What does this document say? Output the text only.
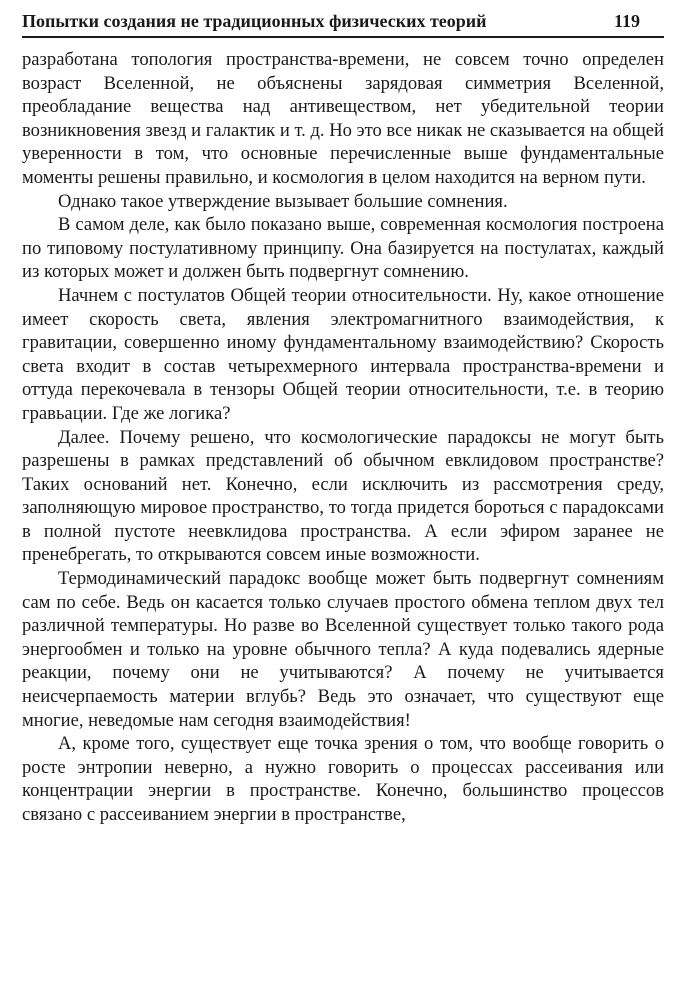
Попытки создания не традиционных физических теорий	119

разработана топология пространства-времени, не совсем точно определен возраст Вселенной, не объяснены зарядовая симметрия Вселенной, преобладание вещества над антивеществом, нет убедительной теории возникновения звезд и галактик и т. д. Но это все никак не сказывается на общей уверенности в том, что основные перечисленные выше фундаментальные моменты решены правильно, и космология в целом находится на верном пути.

Однако такое утверждение вызывает большие сомнения.

В самом деле, как было показано выше, современная космология построена по типовому постулативному принципу. Она базируется на постулатах, каждый из которых может и должен быть подвергнут сомнению.

Начнем с постулатов Общей теории относительности. Ну, какое отношение имеет скорость света, явления электромагнитного взаимодействия, к гравитации, совершенно иному фундаментальному взаимодействию? Скорость света входит в состав четырехмерного интервала пространства-времени и оттуда перекочевала в тензоры Общей теории относительности, т.е. в теорию гравьации. Где же логика?

Далее. Почему решено, что космологические парадоксы не могут быть разрешены в рамках представлений об обычном евклидовом пространстве? Таких оснований нет. Конечно, если исключить из рассмотрения среду, заполняющую мировое пространство, то тогда придется бороться с парадоксами в полной пустоте неевклидова пространства. А если эфиром заранее не пренебрегать, то открываются совсем иные возможности.

Термодинамический парадокс вообще может быть подвергнут сомнениям сам по себе. Ведь он касается только случаев простого обмена теплом двух тел различной температуры. Но разве во Вселенной существует только такого рода энергообмен и только на уровне обычного тепла? А куда подевались ядерные реакции, почему они не учитываются? А почему не учитывается неисчерпаемость материи вглубь? Ведь это означает, что существуют еще многие, неведомые нам сегодня взаимодействия!

А, кроме того, существует еще точка зрения о том, что вообще говорить о росте энтропии неверно, а нужно говорить о процессах рассеивания или концентрации энергии в пространстве. Конечно, большинство процессов связано с рассеиванием энергии в пространстве,
